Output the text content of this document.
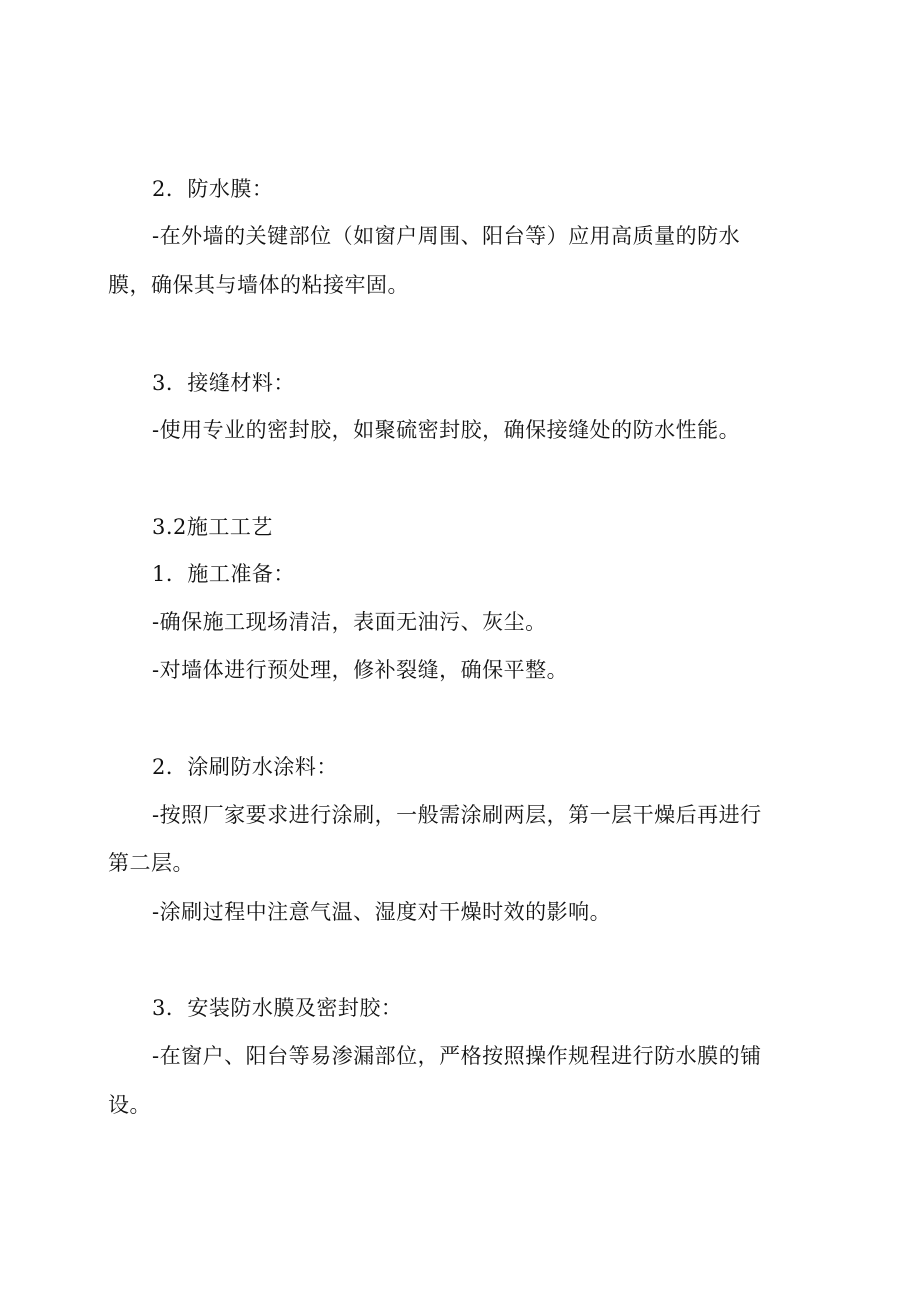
2．防水膜：
-在外墙的关键部位（如窗户周围、阳台等）应用高质量的防水
膜，确保其与墙体的粘接牢固。
3．接缝材料：
-使用专业的密封胶，如聚硫密封胶，确保接缝处的防水性能。
3.2施工工艺
1．施工准备：
-确保施工现场清洁，表面无油污、灰尘。
-对墙体进行预处理，修补裂缝，确保平整。
2．涂刷防水涂料：
-按照厂家要求进行涂刷，一般需涂刷两层，第一层干燥后再进行
第二层。
-涂刷过程中注意气温、湿度对干燥时效的影响。
3．安装防水膜及密封胶：
-在窗户、阳台等易渗漏部位，严格按照操作规程进行防水膜的铺
设。
